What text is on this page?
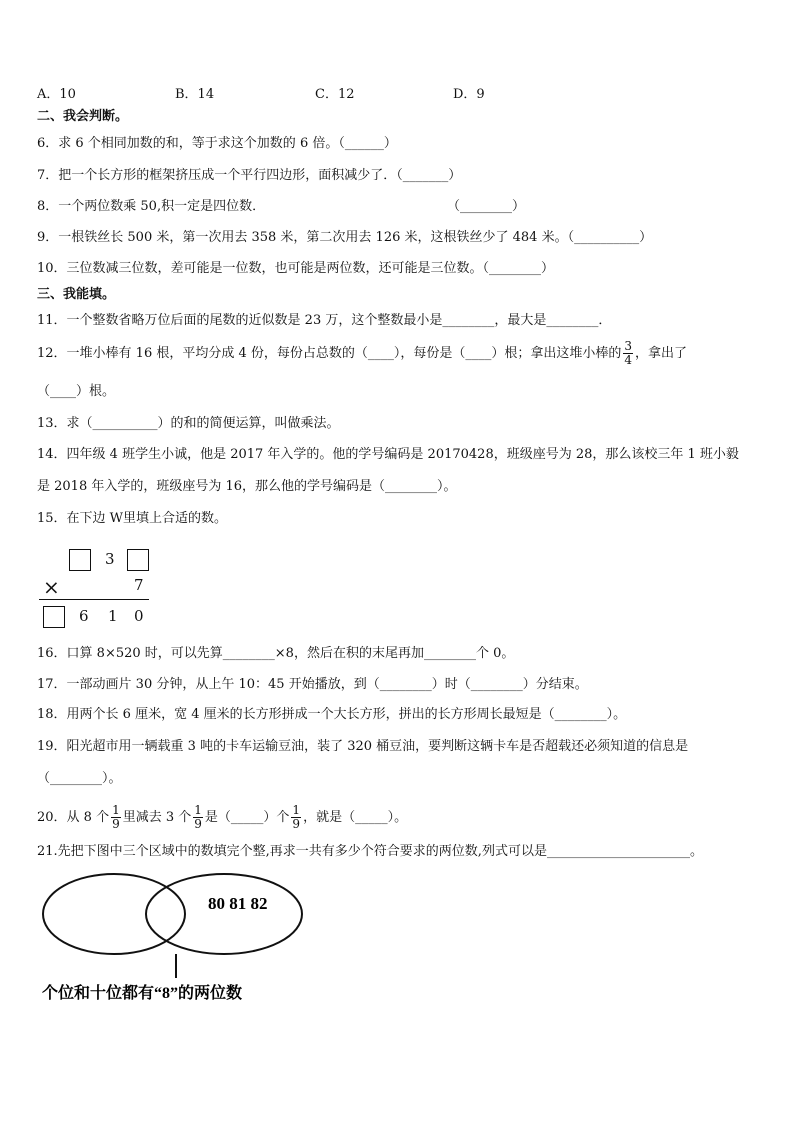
A．10	B．14	C．12	D．9
二、我会判断。
6．求 6 个相同加数的和，等于求这个加数的 6 倍。（______）
7．把一个长方形的框架挤压成一个平行四边形，面积减少了．（_______）
8．一个两位数乘 50,积一定是四位数．	（________）
9．一根铁丝长 500 米，第一次用去 358 米，第二次用去 126 米，这根铁丝少了 484 米。（__________）
10．三位数减三位数，差可能是一位数，也可能是两位数，还可能是三位数。（________）
三、我能填。
11．一个整数省略万位后面的尾数的近似数是 23 万，这个整数最小是________，最大是________．
12．一堆小棒有 16 根，平均分成 4 份，每份占总数的（____），每份是（____）根；拿出这堆小棒的 $\frac{3}{4}$ ，拿出了
（____）根。
13．求（__________）的和的简便运算，叫做乘法。
14．四年级 4 班学生小诚，他是 2017 年入学的。他的学号编码是 20170428，班级座号为 28，那么该校三年 1 班小毅
是 2018 年入学的，班级座号为 16，那么他的学号编码是（________）。
15．在下边 W里填上合适的数。
3
×	7
6 1 0
16．口算 8×520 时，可以先算________×8，然后在积的末尾再加________个 0。
17．一部动画片 30 分钟，从上午 10：45 开始播放，到（________）时（________）分结束。
18．用两个长 6 厘米，宽 4 厘米的长方形拼成一个大长方形，拼出的长方形周长最短是（________）。
19．阳光超市用一辆载重 3 吨的卡车运输豆油，装了 320 桶豆油，要判断这辆卡车是否超载还必须知道的信息是
（________）。
20．从 8 个 $\frac{1}{9}$ 里减去 3 个 $\frac{1}{9}$ 是（_____）个 $\frac{1}{9}$ ，就是（_____）。
21.先把下图中三个区域中的数填完个整,再求一共有多少个符合要求的两位数,列式可以是______________________。
80 81 82
个位和十位都有“8”的两位数
